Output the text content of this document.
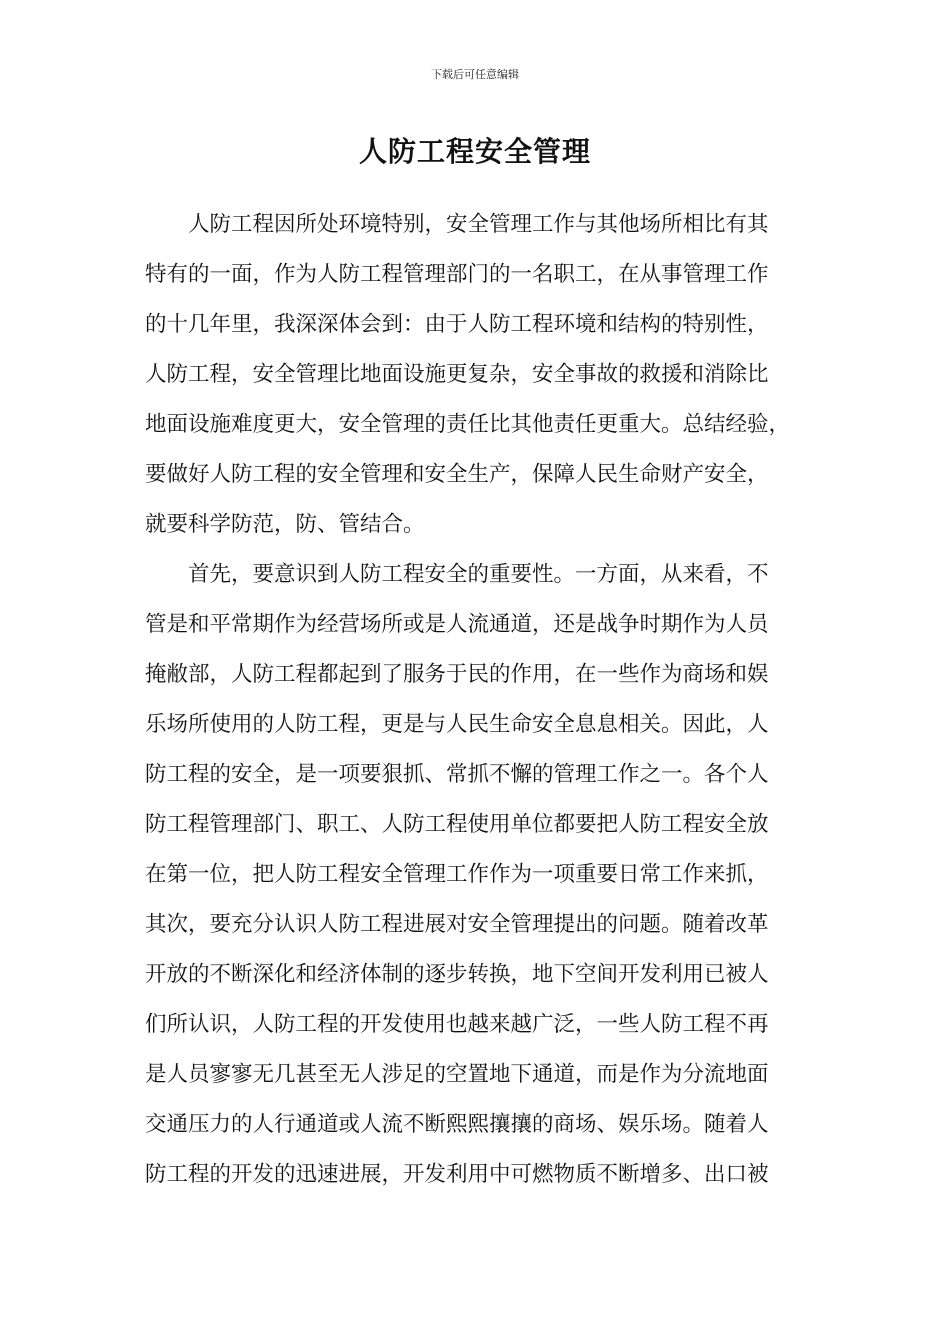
下载后可任意编辑
人防工程安全管理
人防工程因所处环境特别，安全管理工作与其他场所相比有其
特有的一面，作为人防工程管理部门的一名职工，在从事管理工作
的十几年里，我深深体会到：由于人防工程环境和结构的特别性，
人防工程，安全管理比地面设施更复杂，安全事故的救援和消除比
地面设施难度更大，安全管理的责任比其他责任更重大。总结经验，
要做好人防工程的安全管理和安全生产，保障人民生命财产安全，
就要科学防范，防、管结合。
首先，要意识到人防工程安全的重要性。一方面，从来看，不
管是和平常期作为经营场所或是人流通道，还是战争时期作为人员
掩敝部，人防工程都起到了服务于民的作用，在一些作为商场和娱
乐场所使用的人防工程，更是与人民生命安全息息相关。因此，人
防工程的安全，是一项要狠抓、常抓不懈的管理工作之一。各个人
防工程管理部门、职工、人防工程使用单位都要把人防工程安全放
在第一位，把人防工程安全管理工作作为一项重要日常工作来抓，
其次，要充分认识人防工程进展对安全管理提出的问题。随着改革
开放的不断深化和经济体制的逐步转换，地下空间开发利用已被人
们所认识，人防工程的开发使用也越来越广泛，一些人防工程不再
是人员寥寥无几甚至无人涉足的空置地下通道，而是作为分流地面
交通压力的人行通道或人流不断熙熙攘攘的商场、娱乐场。随着人
防工程的开发的迅速进展，开发利用中可燃物质不断增多、出口被
